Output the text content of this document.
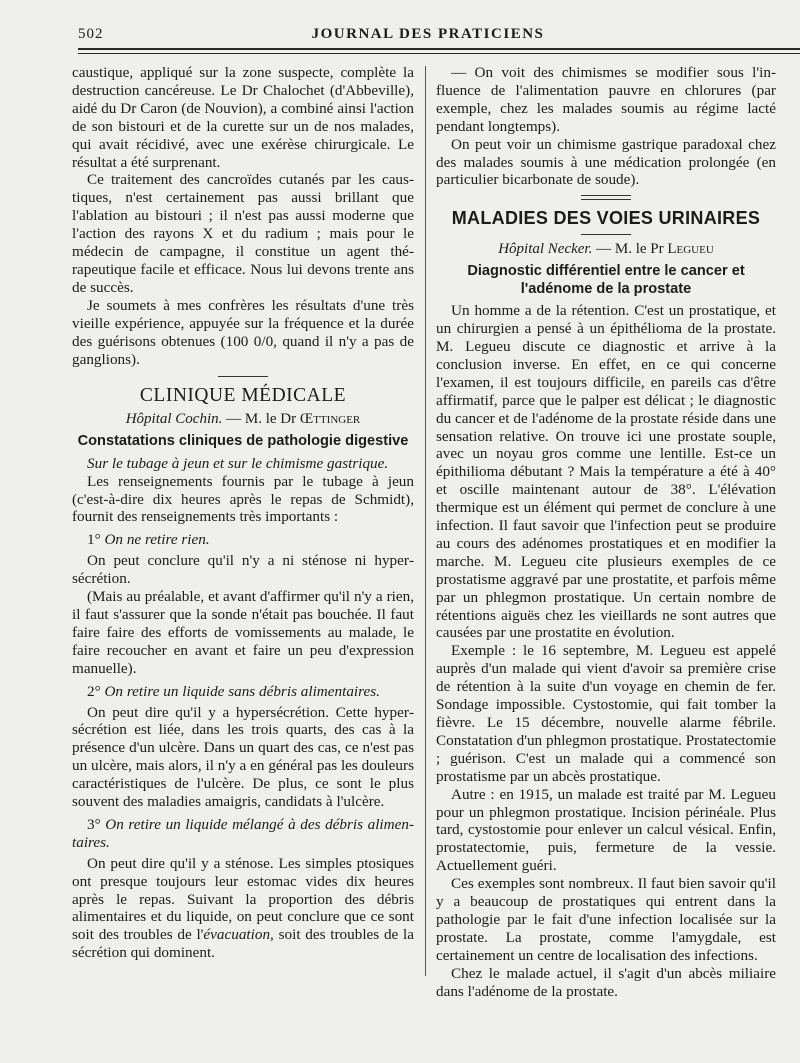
502	JOURNAL DES PRATICIENS

caustique, appliqué sur la zone suspecte, complète la destruction cancéreuse. Le Dr Chalochet (d'Abbeville), aidé du Dr Caron (de Nouvion), a combiné ainsi l'action de son bistouri et de la curette sur un de nos malades, qui avait récidivé, avec une exérèse chirurgicale. Le résultat a été surprenant.

Ce traitement des cancroïdes cutanés par les caustiques, n'est certainement pas aussi brillant que l'ablation au bistouri ; il n'est pas aussi moderne que l'action des rayons X et du radium ; mais pour le médecin de campagne, il constitue un agent thérapeutique facile et efficace. Nous lui devons trente ans de succès.

Je soumets à mes confrères les résultats d'une très vieille expérience, appuyée sur la fréquence et la durée des guérisons obtenues (100 0/0, quand il n'y a pas de ganglions).

CLINIQUE MÉDICALE
Hôpital Cochin. — M. le Dr Œttinger
Constatations cliniques de pathologie digestive

Sur le tubage à jeun et sur le chimisme gastrique.

Les renseignements fournis par le tubage à jeun (c'est-à-dire dix heures après le repas de Schmidt), fournit des renseignements très importants :

1° On ne retire rien.

On peut conclure qu'il n'y a ni sténose ni hypersécrétion.

(Mais au préalable, et avant d'affirmer qu'il n'y a rien, il faut s'assurer que la sonde n'était pas bouchée. Il faut faire faire des efforts de vomissements au malade, le faire recoucher en avant et faire un peu d'expression manuelle).

2° On retire un liquide sans débris alimentaires.

On peut dire qu'il y a hypersécrétion. Cette hypersécrétion est liée, dans les trois quarts, des cas à la présence d'un ulcère. Dans un quart des cas, ce n'est pas un ulcère, mais alors, il n'y a en général pas les douleurs caractéristiques de l'ulcère. De plus, ce sont le plus souvent des maladies amaigris, candidats à l'ulcère.

3° On retire un liquide mélangé à des débris alimentaires.

On peut dire qu'il y a sténose. Les simples ptosiques ont presque toujours leur estomac vides dix heures après le repas. Suivant la proportion des débris alimentaires et du liquide, on peut conclure que ce sont soit des troubles de l'évacuation, soit des troubles de la sécrétion qui dominent.

— On voit des chimismes se modifier sous l'influence de l'alimentation pauvre en chlorures (par exemple, chez les malades soumis au régime lacté pendant longtemps).

On peut voir un chimisme gastrique paradoxal chez des malades soumis à une médication prolongée (en particulier bicarbonate de soude).

MALADIES DES VOIES URINAIRES
Hôpital Necker. — M. le Pr Legueu
Diagnostic différentiel entre le cancer et l'adénome de la prostate

Un homme a de la rétention. C'est un prostatique, et un chirurgien a pensé à un épithélioma de la prostate. M. Legueu discute ce diagnostic et arrive à la conclusion inverse. En effet, en ce qui concerne l'examen, il est toujours difficile, en pareils cas d'être affirmatif, parce que le palper est délicat ; le diagnostic du cancer et de l'adénome de la prostate réside dans une sensation relative. On trouve ici une prostate souple, avec un noyau gros comme une lentille. Est-ce un épithilioma débutant ? Mais la température a été à 40° et oscille maintenant autour de 38°. L'élévation thermique est un élément qui permet de conclure à une infection. Il faut savoir que l'infection peut se produire au cours des adénomes prostatiques et en modifier la marche. M. Legueu cite plusieurs exemples de ce prostatisme aggravé par une prostatite, et parfois même par un phlegmon prostatique. Un certain nombre de rétentions aiguës chez les vieillards ne sont autres que causées par une prostatite en évolution.

Exemple : le 16 septembre, M. Legueu est appelé auprès d'un malade qui vient d'avoir sa première crise de rétention à la suite d'un voyage en chemin de fer. Sondage impossible. Cystostomie, qui fait tomber la fièvre. Le 15 décembre, nouvelle alarme fébrile. Constatation d'un phlegmon prostatique. Prostatectomie ; guérison. C'est un malade qui a commencé son prostatisme par un abcès prostatique.

Autre : en 1915, un malade est traité par M. Legueu pour un phlegmon prostatique. Incision périnéale. Plus tard, cystostomie pour enlever un calcul vésical. Enfin, prostatectomie, puis, fermeture de la vessie. Actuellement guéri.

Ces exemples sont nombreux. Il faut bien savoir qu'il y a beaucoup de prostatiques qui entrent dans la pathologie par le fait d'une infection localisée sur la prostate. La prostate, comme l'amygdale, est certainement un centre de localisation des infections.

Chez le malade actuel, il s'agit d'un abcès miliaire dans l'adénome de la prostate.
